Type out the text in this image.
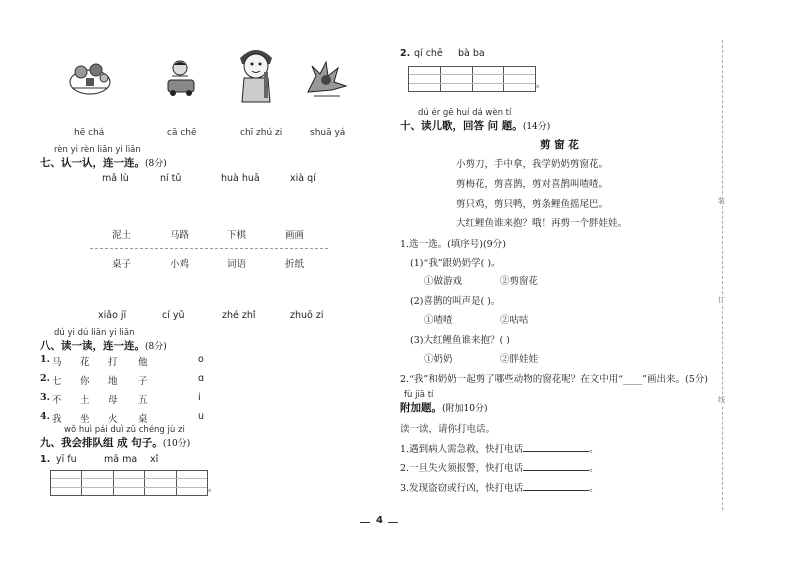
hē chá	cā chē	chī zhú zi	shuā yá
rèn yi rèn liān yi liān
七、认一认，连一连。(8分)
mǎ lù	ní tǔ	huà huā	xià qí
泥土	马路	下棋	画画
桌子	小鸡	词语	折纸
xiǎo jī	cí yǔ	zhé zhǐ	zhuō zi
dú yi dú liān yi liān
八、读一读，连一连。(8分)
1. 马 花 打 他	o
2. 七 你 地 子	ɑ
3. 不 土 母 五	i
4. 我 坐 火 桌	u
wǒ huì pái duì zǔ chéng jù zi
九、我会排队组 成 句子。(10分)
1. yī fu	mā ma xǐ
。
2. qí chē bà ba
。
dú ér gē huí dá wèn tí
十、读儿歌，回答 问 题。(14分)
剪 窗 花
小剪刀，手中拿，我学奶奶剪窗花。
剪梅花，剪喜鹊，剪对喜鹊叫喳喳。
剪只鸡，剪只鸭，剪条鲤鱼摇尾巴。
大红鲤鱼谁来抱？哦！再剪一个胖娃娃。
1.选一选。(填序号)(9分)
(1)“我”跟奶奶学( )。
①做游戏	②剪窗花
(2)喜鹊的叫声是( )。
①喳喳	②咕咕
(3)大红鲤鱼谁来抱？( )
①奶奶	②胖娃娃
2.“我”和奶奶一起剪了哪些动物的窗花呢？在文中用“____”画出来。(5分)
fù jiā tí
附加题。(附加10分)
读一读，请你打电话。
1.遇到病人需急救，快打电话	。
2.一旦失火须报警，快打电话	。
3.发现盗窃或行凶，快打电话	。
装
订
线
4
